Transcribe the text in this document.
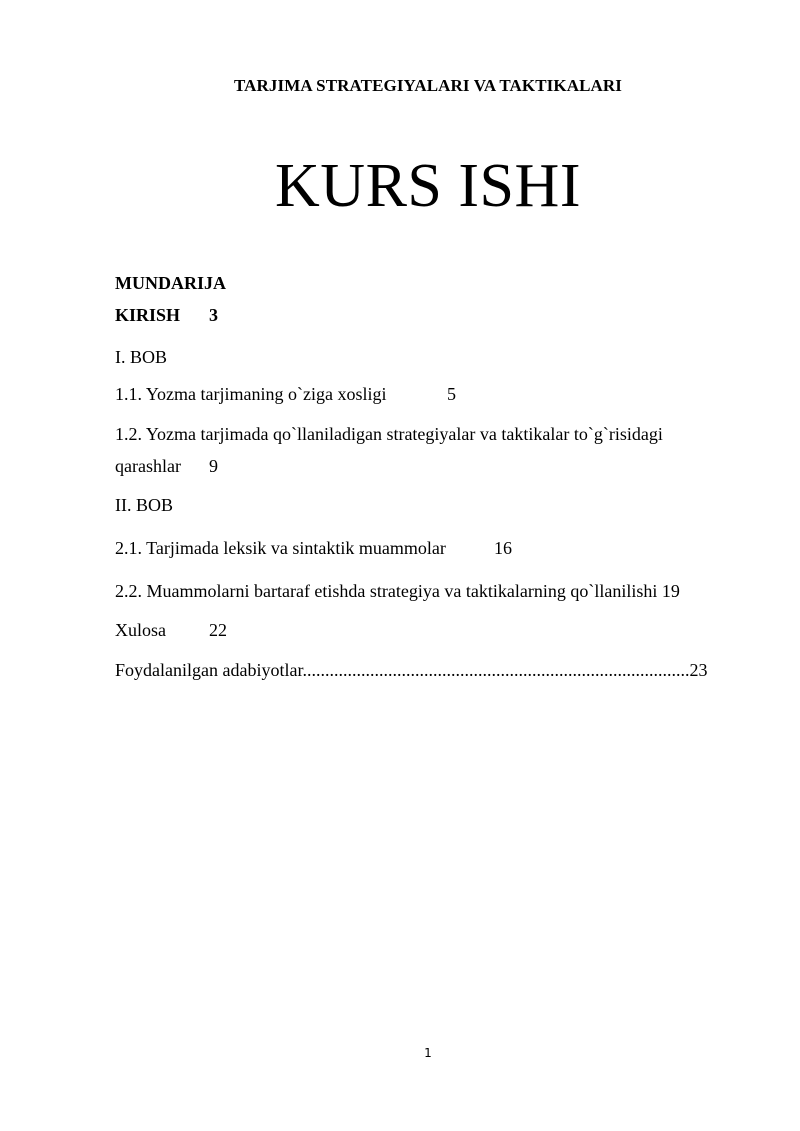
TARJIMA STRATEGIYALARI VA TAKTIKALARI
KURS ISHI
MUNDARIJA
KIRISH 3
I. BOB
1.1. Yozma tarjimaning o`ziga xosligi	5
1.2. Yozma tarjimada qo`llaniladigan strategiyalar va taktikalar to`g`risidagi
qarashlar 9
II. BOB
2.1. Tarjimada leksik va sintaktik muammolar	16
2.2. Muammolarni bartaraf etishda strategiya va taktikalarning qo`llanilishi 19
Xulosa 22
Foydalanilgan adabiyotlar......................................................................................23
1
